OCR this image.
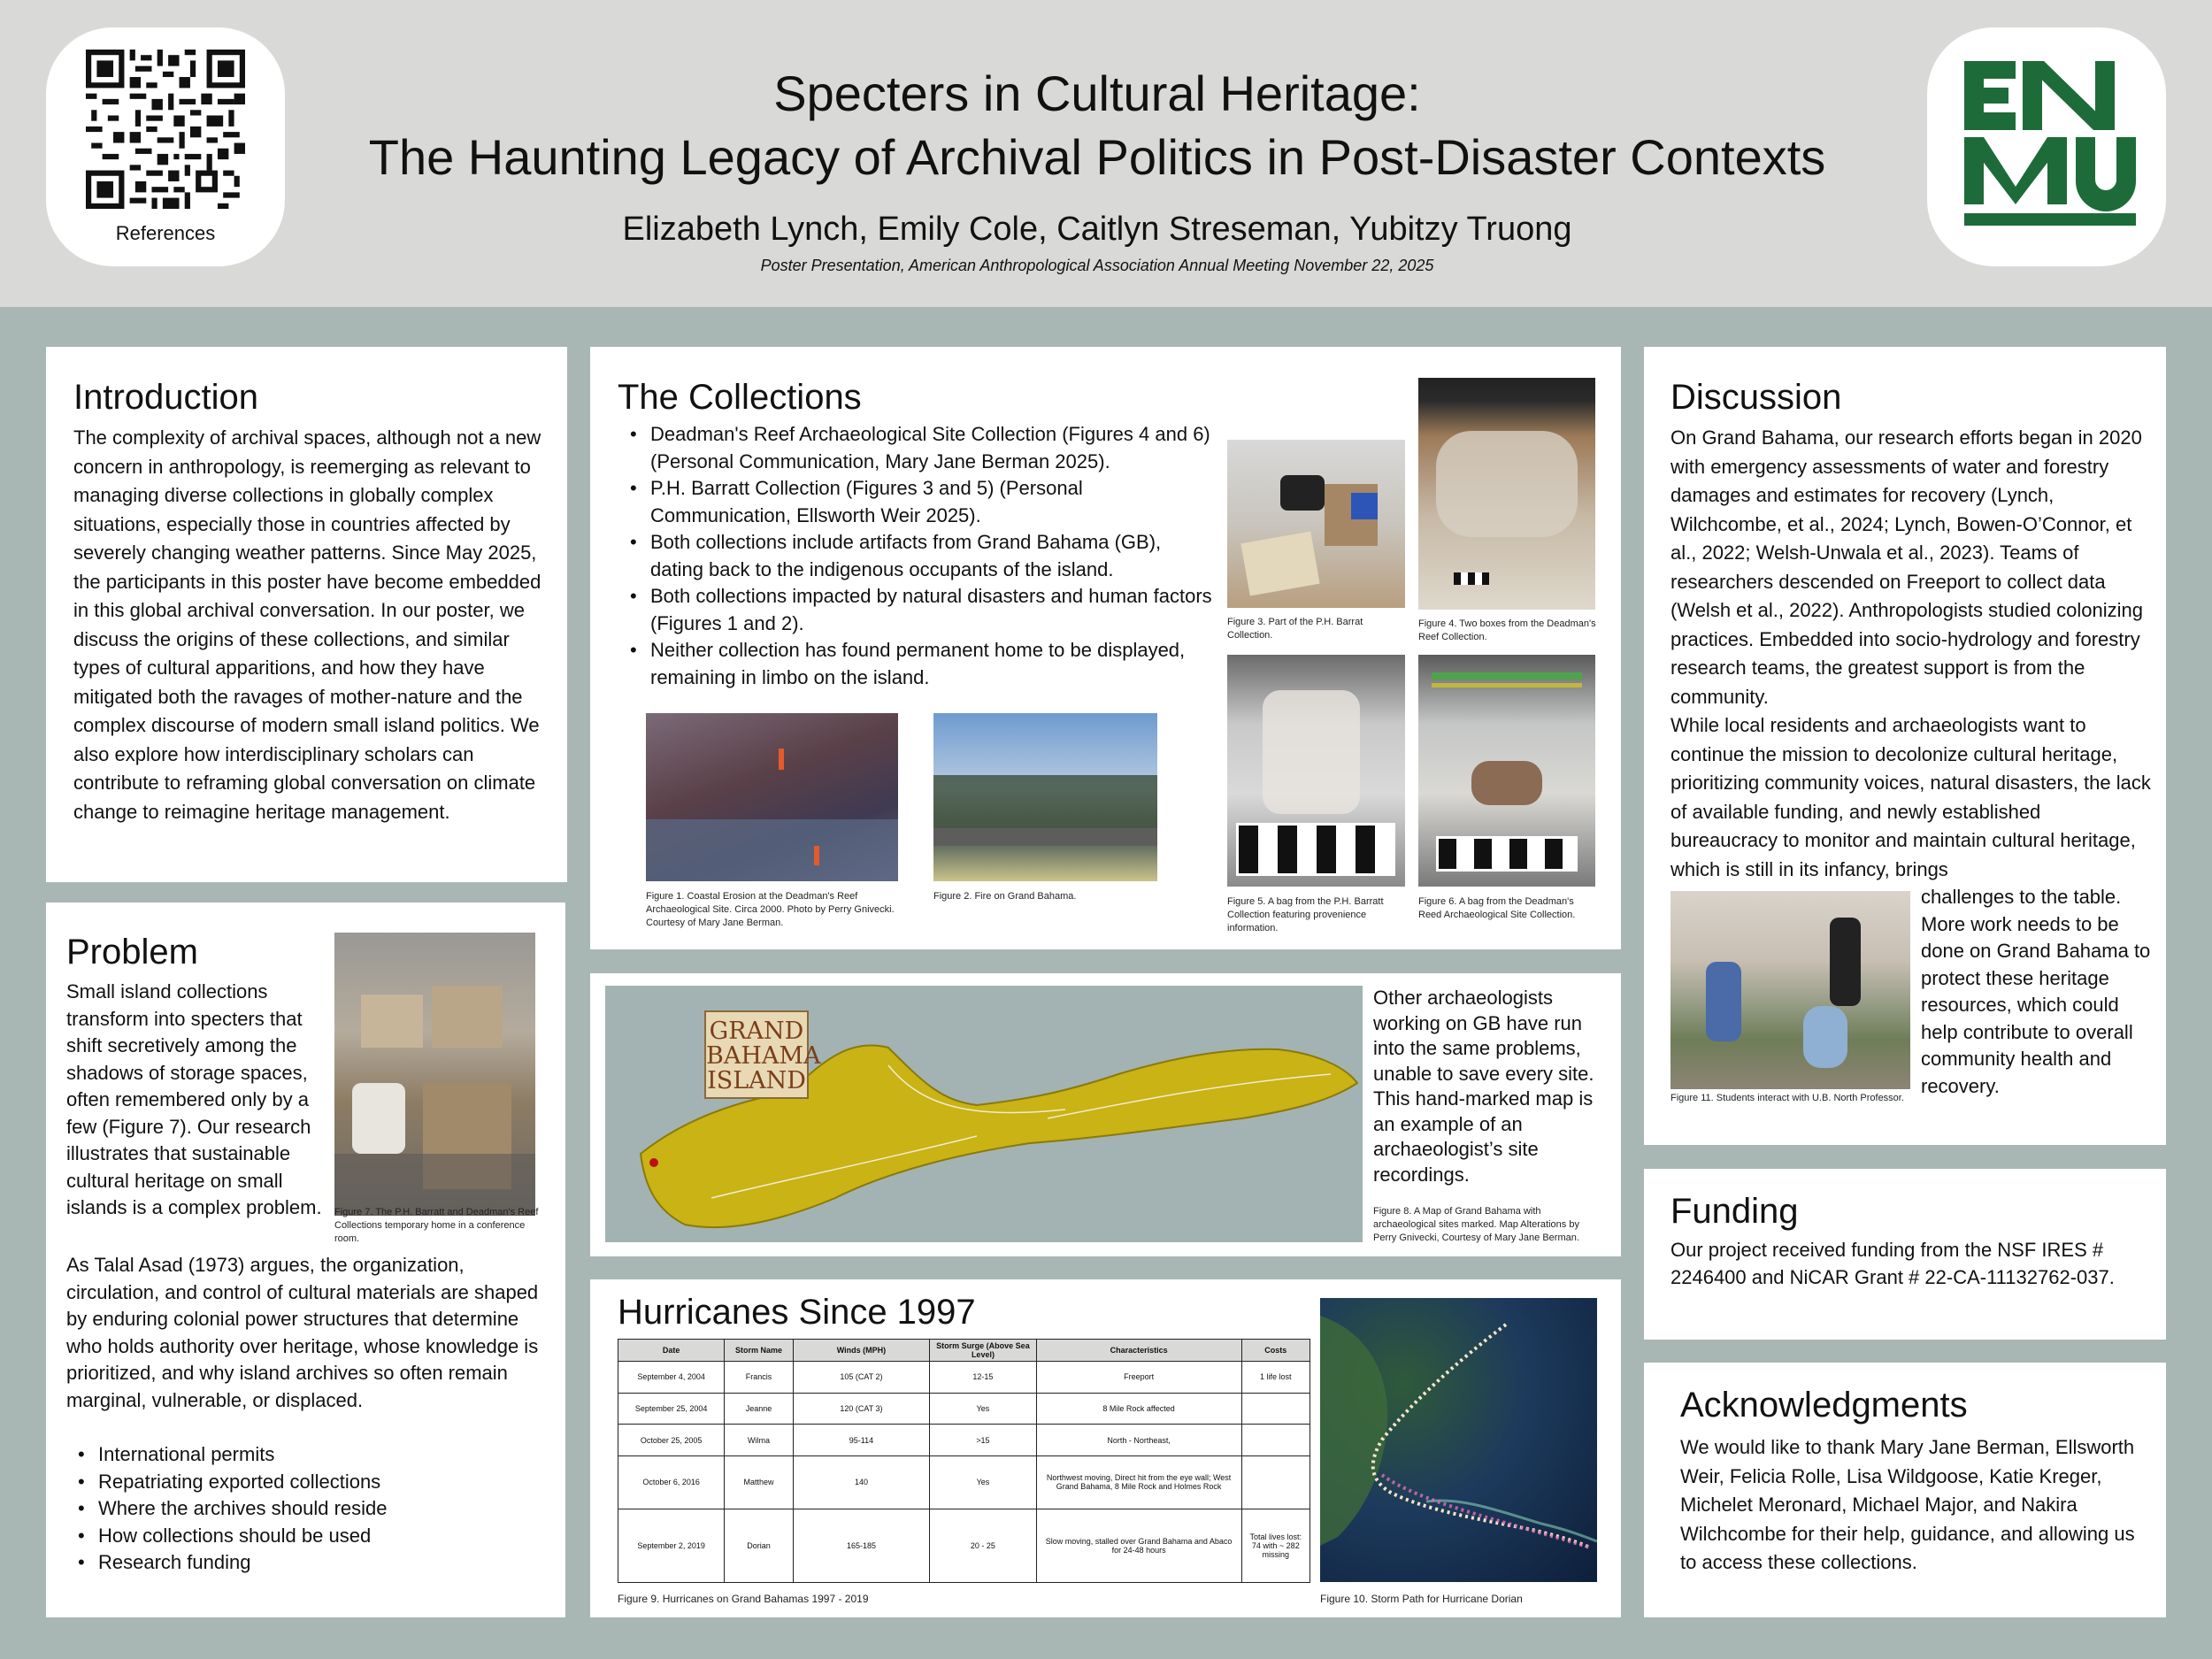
References
Specters in Cultural Heritage:
The Haunting Legacy of Archival Politics in Post-Disaster Contexts
Elizabeth Lynch, Emily Cole, Caitlyn Streseman, Yubitzy Truong
Poster Presentation, American Anthropological Association Annual Meeting November 22, 2025
ENMU
Introduction
The complexity of archival spaces, although not a new concern in anthropology, is reemerging as relevant to managing diverse collections in globally complex situations, especially those in countries affected by severely changing weather patterns. Since May 2025, the participants in this poster have become embedded in this global archival conversation. In our poster, we discuss the origins of these collections, and similar types of cultural apparitions, and how they have mitigated both the ravages of mother-nature and the complex discourse of modern small island politics. We also explore how interdisciplinary scholars can contribute to reframing global conversation on climate change to reimagine heritage management.
Problem
Small island collections transform into specters that shift secretively among the shadows of storage spaces, often remembered only by a few (Figure 7). Our research illustrates that sustainable cultural heritage on small islands is a complex problem.	Figure 7. The P.H. Barratt and Deadman's Reef Collections temporary home in a conference room.
As Talal Asad (1973) argues, the organization, circulation, and control of cultural materials are shaped by enduring colonial power structures that determine who holds authority over heritage, whose knowledge is prioritized, and why island archives so often remain marginal, vulnerable, or displaced.
• International permits
• Repatriating exported collections
• Where the archives should reside
• How collections should be used
• Research funding
The Collections
• Deadman's Reef Archaeological Site Collection (Figures 4 and 6) (Personal Communication, Mary Jane Berman 2025).
• P.H. Barratt Collection (Figures 3 and 5) (Personal Communication, Ellsworth Weir 2025).
• Both collections include artifacts from Grand Bahama (GB), dating back to the indigenous occupants of the island.
• Both collections impacted by natural disasters and human factors (Figures 1 and 2).
• Neither collection has found permanent home to be displayed, remaining in limbo on the island.
Figure 1. Coastal Erosion at the Deadman's Reef Archaeological Site. Circa 2000. Photo by Perry Gnivecki. Courtesy of Mary Jane Berman.
Figure 2. Fire on Grand Bahama.
Figure 3. Part of the P.H. Barrat Collection.
Figure 4. Two boxes from the Deadman's Reef Collection.
Figure 5. A bag from the P.H. Barratt Collection featuring provenience information.
Figure 6. A bag from the Deadman's Reed Archaeological Site Collection.
GRAND
BAHAMA
ISLAND
Other archaeologists working on GB have run into the same problems, unable to save every site. This hand-marked map is an example of an archaeologist’s site recordings.
Figure 8. A Map of Grand Bahama with archaeological sites marked. Map Alterations by Perry Gnivecki, Courtesy of Mary Jane Berman.
Hurricanes Since 1997
Date	Storm Name	Winds (MPH)	Storm Surge (Above Sea Level)	Characteristics	Costs
September 4, 2004	Francis	105 (CAT 2)	12-15	Freeport	1 life lost
September 25, 2004	Jeanne	120 (CAT 3)	Yes	8 Mile Rock affected	
October 25, 2005	Wilma	95-114	>15	North - Northeast,	
October 6, 2016	Matthew	140	Yes	Northwest moving, Direct hit from the eye wall; West Grand Bahama, 8 Mile Rock and Holmes Rock	
September 2, 2019	Dorian	165-185	20 - 25	Slow moving, stalled over Grand Bahama and Abaco for 24-48 hours	Total lives lost: 74 with ~ 282 missing
Figure 9. Hurricanes on Grand Bahamas 1997 - 2019	Figure 10. Storm Path for Hurricane Dorian
Discussion
On Grand Bahama, our research efforts began in 2020 with emergency assessments of water and forestry damages and estimates for recovery (Lynch, Wilchcombe, et al., 2024; Lynch, Bowen-O’Connor, et al., 2022; Welsh-Unwala et al., 2023). Teams of researchers descended on Freeport to collect data (Welsh et al., 2022). Anthropologists studied colonizing practices. Embedded into socio-hydrology and forestry research teams, the greatest support is from the community.
While local residents and archaeologists want to continue the mission to decolonize cultural heritage, prioritizing community voices, natural disasters, the lack of available funding, and newly established bureaucracy to monitor and maintain cultural heritage, which is still in its infancy, brings
Figure 11. Students interact with U.B. North Professor.
challenges to the table. More work needs to be done on Grand Bahama to protect these heritage resources, which could help contribute to overall community health and recovery.
Funding
Our project received funding from the NSF IRES # 2246400 and NiCAR Grant # 22-CA-11132762-037.
Acknowledgments
We would like to thank Mary Jane Berman, Ellsworth Weir, Felicia Rolle, Lisa Wildgoose, Katie Kreger, Michelet Meronard, Michael Major, and Nakira Wilchcombe for their help, guidance, and allowing us to access these collections.
